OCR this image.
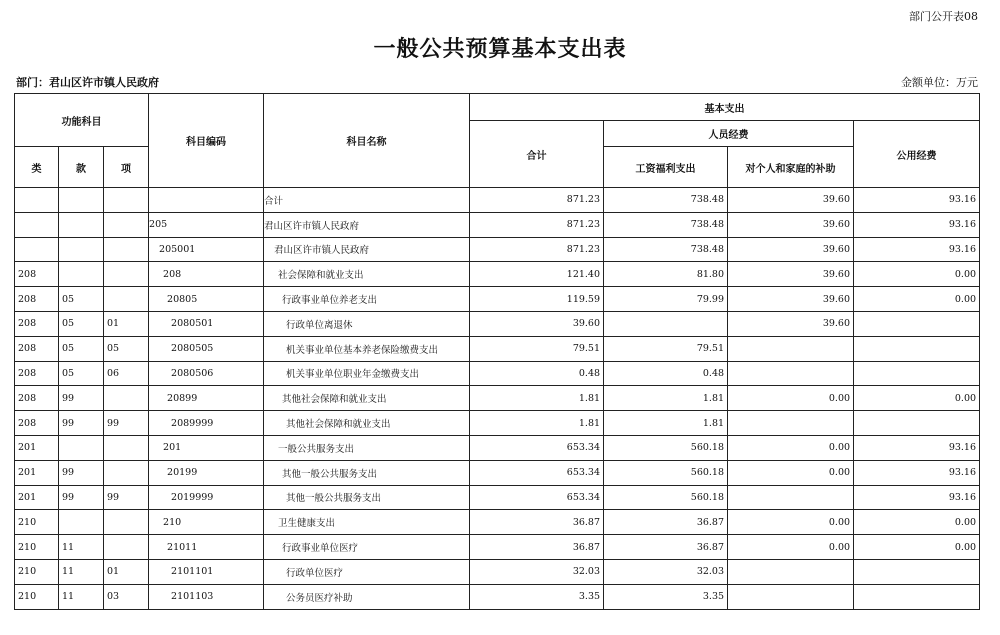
部门公开表08
一般公共预算基本支出表
部门：君山区许市镇人民政府	金额单位：万元
功能科目			科目编码	科目名称	基本支出			
					合计	人员经费		公用经费
类	款	项				工资福利支出	对个人和家庭的补助	
				合计	871.23	738.48	39.60	93.16
			205	君山区许市镇人民政府	871.23	738.48	39.60	93.16
			205001	君山区许市镇人民政府	871.23	738.48	39.60	93.16
208			208	社会保障和就业支出	121.40	81.80	39.60	0.00
208	05		20805	行政事业单位养老支出	119.59	79.99	39.60	0.00
208	05	01	2080501	行政单位离退休	39.60		39.60	
208	05	05	2080505	机关事业单位基本养老保险缴费支出	79.51	79.51		
208	05	06	2080506	机关事业单位职业年金缴费支出	0.48	0.48		
208	99		20899	其他社会保障和就业支出	1.81	1.81	0.00	0.00
208	99	99	2089999	其他社会保障和就业支出	1.81	1.81		
201			201	一般公共服务支出	653.34	560.18	0.00	93.16
201	99		20199	其他一般公共服务支出	653.34	560.18	0.00	93.16
201	99	99	2019999	其他一般公共服务支出	653.34	560.18		93.16
210			210	卫生健康支出	36.87	36.87	0.00	0.00
210	11		21011	行政事业单位医疗	36.87	36.87	0.00	0.00
210	11	01	2101101	行政单位医疗	32.03	32.03		
210	11	03	2101103	公务员医疗补助	3.35	3.35		
